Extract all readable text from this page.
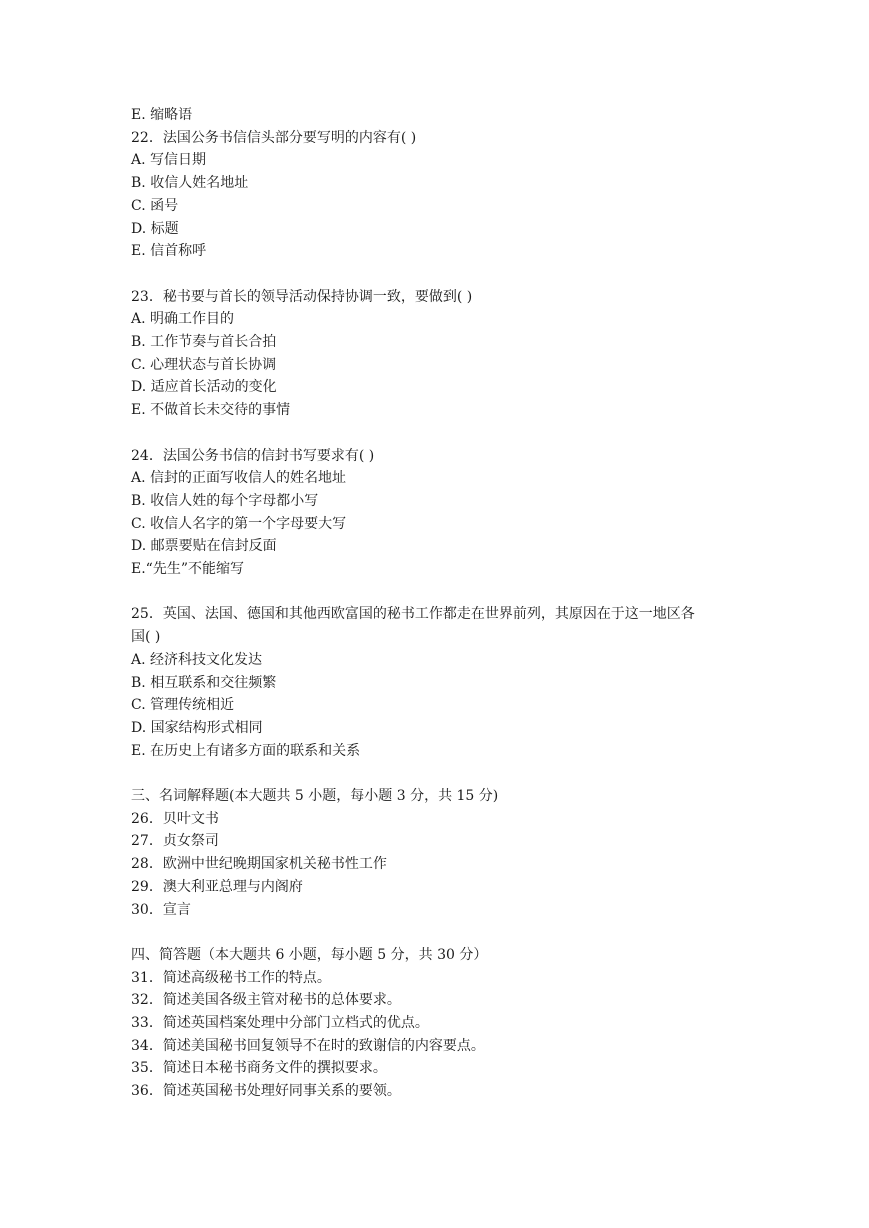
E. 缩略语

22．法国公务书信信头部分要写明的内容有( )

A. 写信日期

B. 收信人姓名地址

C. 函号

D. 标题

E. 信首称呼

23．秘书要与首长的领导活动保持协调一致，要做到( )

A. 明确工作目的

B. 工作节奏与首长合拍

C. 心理状态与首长协调

D. 适应首长活动的变化

E. 不做首长未交待的事情

24．法国公务书信的信封书写要求有( )

A. 信封的正面写收信人的姓名地址

B. 收信人姓的每个字母都小写

C. 收信人名字的第一个字母要大写

D. 邮票要贴在信封反面

E.“先生”不能缩写

25．英国、法国、德国和其他西欧富国的秘书工作都走在世界前列，其原因在于这一地区各

国( )

A. 经济科技文化发达

B. 相互联系和交往频繁

C. 管理传统相近

D. 国家结构形式相同

E. 在历史上有诸多方面的联系和关系

三、名词解释题(本大题共 5 小题，每小题 3 分，共 15 分)

26．贝叶文书

27．贞女祭司

28．欧洲中世纪晚期国家机关秘书性工作

29．澳大利亚总理与内阁府

30．宣言

四、简答题（本大题共 6 小题，每小题 5 分，共 30 分）

31．简述高级秘书工作的特点。

32．简述美国各级主管对秘书的总体要求。

33．简述英国档案处理中分部门立档式的优点。

34．简述美国秘书回复领导不在时的致谢信的内容要点。

35．简述日本秘书商务文件的撰拟要求。

36．简述英国秘书处理好同事关系的要领。
